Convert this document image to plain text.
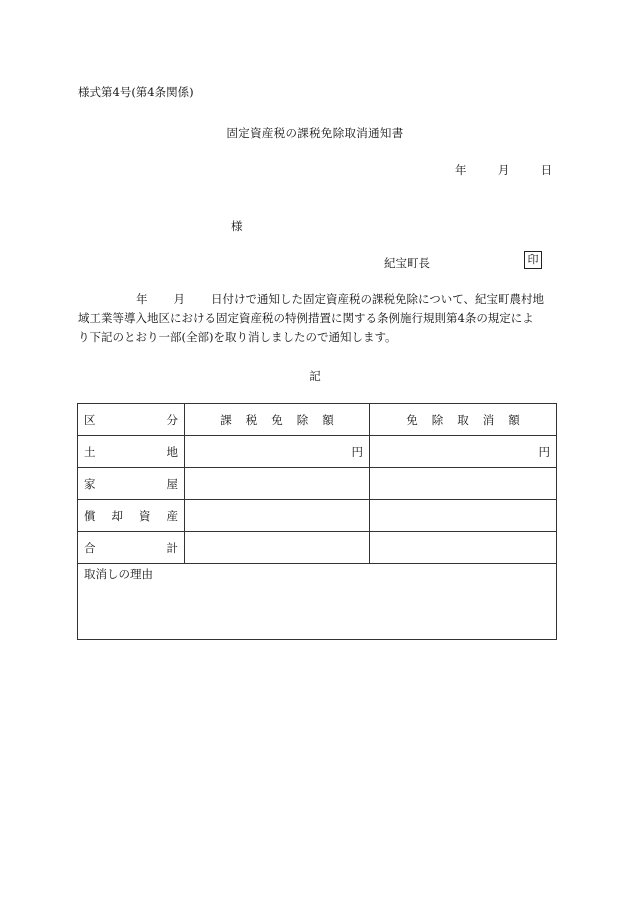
様式第4号(第4条関係)
固定資産税の課税免除取消通知書
年	月	日
様
紀宝町長	印
年 月 日付けで通知した固定資産税の課税免除について、紀宝町農村地
域工業等導入地区における固定資産税の特例措置に関する条例施行規則第4条の規定によ
り下記のとおり一部(全部)を取り消しましたので通知します。
記
区 分	課 税 免 除 額	免 除 取 消 額

土 地	円	円

家 屋		

償 却 資 産		

合 計		

取消しの理由		
